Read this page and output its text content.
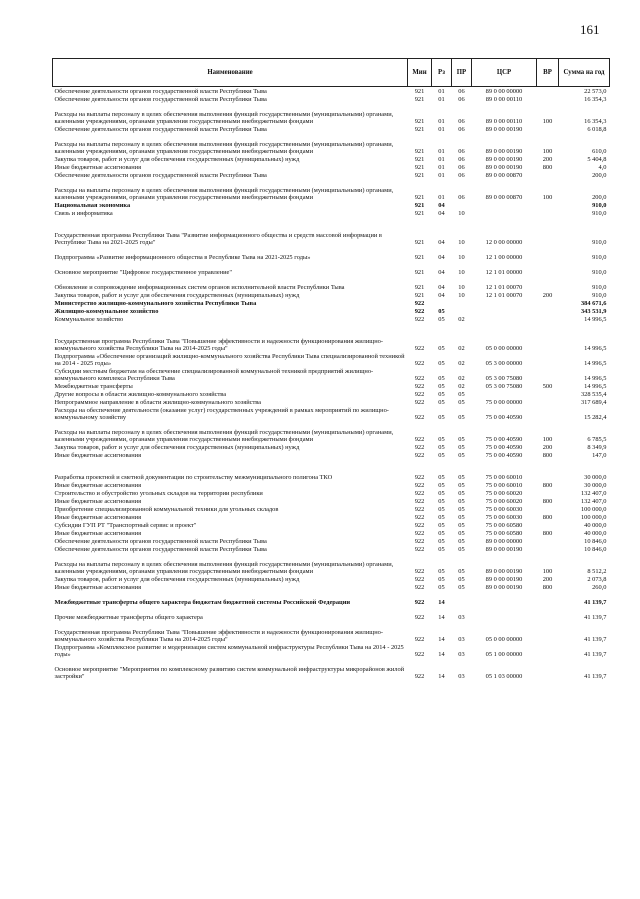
161
Наименование	Мин	Рз	ПР	ЦСР	ВР	Сумма на год
Обеспечение деятельности органов государственной власти Республики Тыва	921	01	06	89 0 00 00000		22 573,0
Обеспечение деятельности органов государственной власти Республики Тыва	921	01	06	89 0 00 00110		16 354,3
Расходы на выплаты персоналу в целях обеспечения выполнения функций государственными (муниципальными) органами, казенными учреждениями, органами управления государственными внебюджетными фондами	921	01	06	89 0 00 00110	100	16 354,3
Обеспечение деятельности органов государственной власти Республики Тыва	921	01	06	89 0 00 00190		6 018,8
Расходы на выплаты персоналу в целях обеспечения выполнения функций государственными (муниципальными) органами, казенными учреждениями, органами управления государственными внебюджетными фондами	921	01	06	89 0 00 00190	100	610,0
Закупка товаров, работ и услуг для обеспечения государственных (муниципальных) нужд	921	01	06	89 0 00 00190	200	5 404,8
Иные бюджетные ассигнования	921	01	06	89 0 00 00190	800	4,0
Обеспечение деятельности органов государственной власти Республики Тыва	921	01	06	89 0 00 00870		200,0
Расходы на выплаты персоналу в целях обеспечения выполнения функций государственными (муниципальными) органами, казенными учреждениями, органами управления государственными внебюджетными фондами	921	01	06	89 0 00 00870	100	200,0
Национальная экономика	921	04				910,0
Связь и информатика	921	04	10			910,0
Государственная программа Республики Тыва "Развитие информационного общества и средств массовой информации в Республике Тыва на 2021-2025 годы"	921	04	10	12 0 00 00000		910,0
Подпрограмма «Развитие информационного общества в Республике Тыва на 2021-2025 годы»	921	04	10	12 1 00 00000		910,0
Основное мероприятие "Цифровое государственное управление"	921	04	10	12 1 01 00000		910,0
Обновление и сопровождение информационных систем органов исполнительной власти Республики Тыва	921	04	10	12 1 01 00070		910,0
Закупка товаров, работ и услуг для обеспечения государственных (муниципальных) нужд	921	04	10	12 1 01 00070	200	910,0
Министерство жилищно-коммунального хозяйства Республики Тыва	922					384 671,6
Жилищно-коммунальное хозяйство	922	05				343 531,9
Коммунальное хозяйство	922	05	02			14 996,5
Государственная программа Республики Тыва "Повышение эффективности и надежности функционирования жилищно-коммунального хозяйства Республики Тыва на 2014-2025 годы"	922	05	02	05 0 00 00000		14 996,5
Подпрограмма «Обеспечение организаций жилищно-коммунального хозяйства Республики Тыва специализированной техникой на 2014 - 2025 годы»	922	05	02	05 3 00 00000		14 996,5
Субсидии местным бюджетам на обеспечение специализированной коммунальной техникой предприятий жилищно-коммунального комплекса Республики Тыва	922	05	02	05 3 00 75080		14 996,5
Межбюджетные трансферты	922	05	02	05 3 00 75080	500	14 996,5
Другие вопросы в области жилищно-коммунального хозяйства	922	05	05			328 535,4
Непрограммное направление в области жилищно-коммунального хозяйства	922	05	05	75 0 00 00000		317 689,4
Расходы на обеспечение деятельности (оказание услуг) государственных учреждений в рамках мероприятий по жилищно-коммунальному хозяйству	922	05	05	75 0 00 40590		15 282,4
Расходы на выплаты персоналу в целях обеспечения выполнения функций государственными (муниципальными) органами, казенными учреждениями, органами управления государственными внебюджетными фондами	922	05	05	75 0 00 40590	100	6 785,5
Закупка товаров, работ и услуг для обеспечения государственных (муниципальных) нужд	922	05	05	75 0 00 40590	200	8 349,9
Иные бюджетные ассигнования	922	05	05	75 0 00 40590	800	147,0
Разработка проектной и сметной документации по строительству межмуниципального полигона ТКО	922	05	05	75 0 00 60010		30 000,0
Иные бюджетные ассигнования	922	05	05	75 0 00 60010	800	30 000,0
Строительство и обустройство угольных складов на территории республики	922	05	05	75 0 00 60020		132 407,0
Иные бюджетные ассигнования	922	05	05	75 0 00 60020	800	132 407,0
Приобретение специализированной коммунальной техники для угольных складов	922	05	05	75 0 00 60030		100 000,0
Иные бюджетные ассигнования	922	05	05	75 0 00 60030	800	100 000,0
Субсидии ГУП РТ "Транспортный сервис и проект"	922	05	05	75 0 00 60580		40 000,0
Иные бюджетные ассигнования	922	05	05	75 0 00 60580	800	40 000,0
Обеспечение деятельности органов государственной власти Республики Тыва	922	05	05	89 0 00 00000		10 846,0
Обеспечение деятельности органов государственной власти Республики Тыва	922	05	05	89 0 00 00190		10 846,0
Расходы на выплаты персоналу в целях обеспечения выполнения функций государственными (муниципальными) органами, казенными учреждениями, органами управления государственными внебюджетными фондами	922	05	05	89 0 00 00190	100	8 512,2
Закупка товаров, работ и услуг для обеспечения государственных (муниципальных) нужд	922	05	05	89 0 00 00190	200	2 073,8
Иные бюджетные ассигнования	922	05	05	89 0 00 00190	800	260,0
Межбюджетные трансферты общего характера бюджетам бюджетной системы Российской Федерации	922	14				41 139,7
Прочие межбюджетные трансферты общего характера	922	14	03			41 139,7
Государственная программа Республики Тыва "Повышение эффективности и надежности функционирования жилищно-коммунального хозяйства Республики Тыва на 2014-2025 годы"	922	14	03	05 0 00 00000		41 139,7
Подпрограмма «Комплексное развитие и модернизация систем коммунальной инфраструктуры Республики Тыва на 2014 - 2025 годы»	922	14	03	05 1 00 00000		41 139,7
Основное мероприятие "Мероприятия по комплексному развитию систем коммунальной инфраструктуры микрорайонов жилой застройки"	922	14	03	05 1 03 00000		41 139,7
